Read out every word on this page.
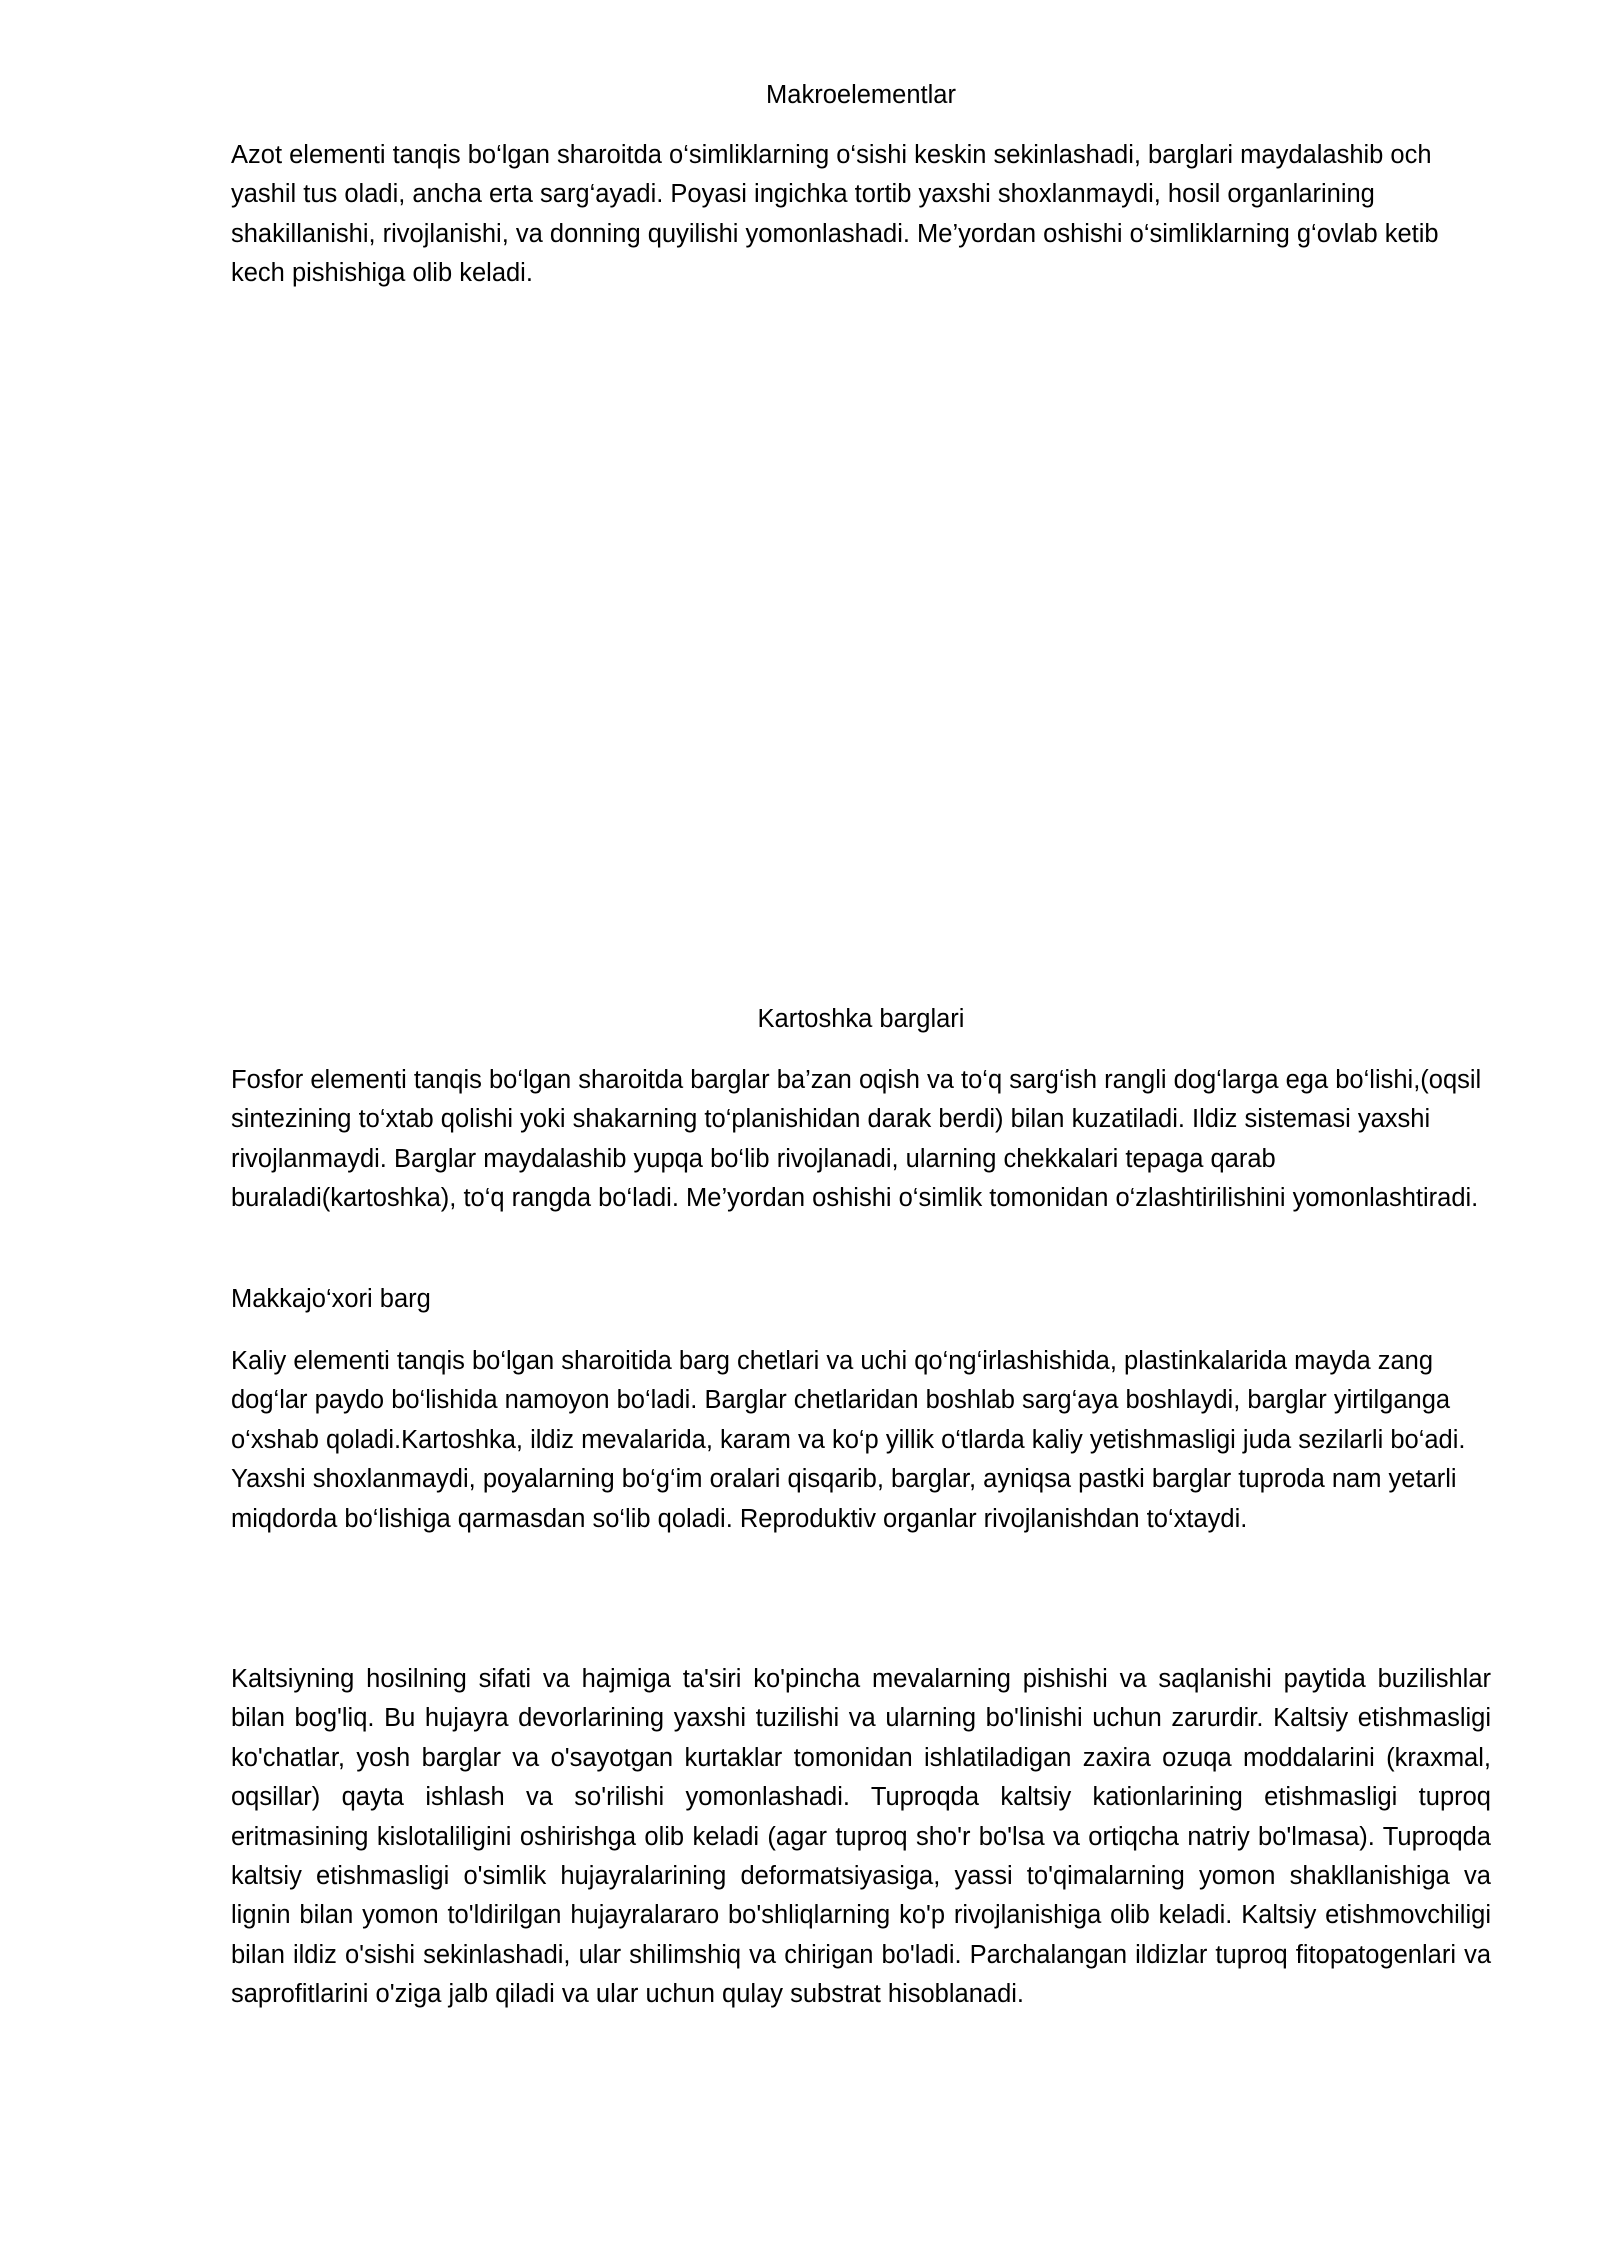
Makroelementlar

Azot elementi tanqis bo‘lgan sharoitda o‘simliklarning o‘sishi keskin sekinlashadi, barglari maydalashib och yashil tus oladi, ancha erta sarg‘ayadi. Poyasi ingichka tortib yaxshi shoxlanmaydi, hosil organlarining shakillanishi, rivojlanishi, va donning quyilishi yomonlashadi. Me’yordan oshishi o‘simliklarning g‘ovlab ketib kech pishishiga olib keladi.

Kartoshka barglari

Fosfor elementi tanqis bo‘lgan sharoitda barglar ba’zan oqish va to‘q sarg‘ish rangli dog‘larga ega bo‘lishi,(oqsil sintezining to‘xtab qolishi yoki shakarning to‘planishidan darak berdi) bilan kuzatiladi. Ildiz sistemasi yaxshi rivojlanmaydi. Barglar maydalashib yupqa bo‘lib rivojlanadi, ularning chekkalari tepaga qarab buraladi(kartoshka), to‘q rangda bo‘ladi. Me’yordan oshishi o‘simlik tomonidan o‘zlashtirilishini yomonlashtiradi.

Makkajo‘xori barg

Kaliy elementi tanqis bo‘lgan sharoitida barg chetlari va uchi qo‘ng‘irlashishida, plastinkalarida mayda zang dog‘lar paydo bo‘lishida namoyon bo‘ladi. Barglar chetlaridan boshlab sarg‘aya boshlaydi, barglar yirtilganga o‘xshab qoladi.Kartoshka, ildiz mevalarida, karam va ko‘p yillik o‘tlarda kaliy yetishmasligi juda sezilarli bo‘adi. Yaxshi shoxlanmaydi, poyalarning bo‘g‘im oralari qisqarib, barglar, ayniqsa pastki barglar tuproda nam yetarli miqdorda bo‘lishiga qarmasdan so‘lib qoladi. Reproduktiv organlar rivojlanishdan to‘xtaydi.

Kaltsiyning hosilning sifati va hajmiga ta'siri ko'pincha mevalarning pishishi va saqlanishi paytida buzilishlar bilan bog'liq. Bu hujayra devorlarining yaxshi tuzilishi va ularning bo'linishi uchun zarurdir. Kaltsiy etishmasligi ko'chatlar, yosh barglar va o'sayotgan kurtaklar tomonidan ishlatiladigan zaxira ozuqa moddalarini (kraxmal, oqsillar) qayta ishlash va so'rilishi yomonlashadi. Tuproqda kaltsiy kationlarining etishmasligi tuproq eritmasining kislotaliligini oshirishga olib keladi (agar tuproq sho'r bo'lsa va ortiqcha natriy bo'lmasa). Tuproqda kaltsiy etishmasligi o'simlik hujayralarining deformatsiyasiga, yassi to'qimalarning yomon shakllanishiga va lignin bilan yomon to'ldirilgan hujayralararo bo'shliqlarning ko'p rivojlanishiga olib keladi. Kaltsiy etishmovchiligi bilan ildiz o'sishi sekinlashadi, ular shilimshiq va chirigan bo'ladi. Parchalangan ildizlar tuproq fitopatogenlari va saprofitlarini o'ziga jalb qiladi va ular uchun qulay substrat hisoblanadi.
